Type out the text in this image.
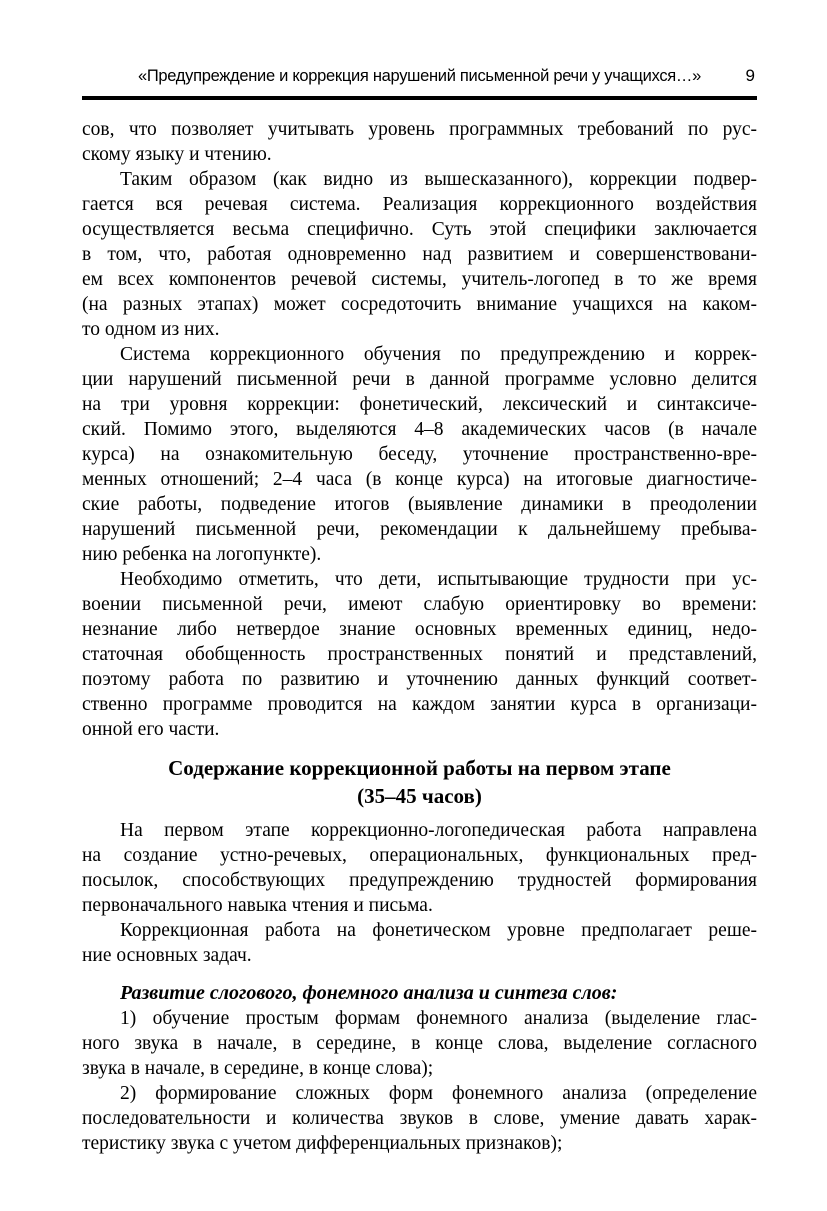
«Предупреждение и коррекция нарушений письменной речи у учащихся…»	9
сов, что позволяет учитывать уровень программных требований по рус-
скому языку и чтению.
Таким образом (как видно из вышесказанного), коррекции подвер-
гается вся речевая система. Реализация коррекционного воздействия
осуществляется весьма специфично. Суть этой специфики заключается
в том, что, работая одновременно над развитием и совершенствовани-
ем всех компонентов речевой системы, учитель-логопед в то же время
(на разных этапах) может сосредоточить внимание учащихся на каком-
то одном из них.
Система коррекционного обучения по предупреждению и коррек-
ции нарушений письменной речи в данной программе условно делится
на три уровня коррекции: фонетический, лексический и синтаксиче-
ский. Помимо этого, выделяются 4–8 академических часов (в начале
курса) на ознакомительную беседу, уточнение пространственно-вре-
менных отношений; 2–4 часа (в конце курса) на итоговые диагностиче-
ские работы, подведение итогов (выявление динамики в преодолении
нарушений письменной речи, рекомендации к дальнейшему пребыва-
нию ребенка на логопункте).
Необходимо отметить, что дети, испытывающие трудности при ус-
воении письменной речи, имеют слабую ориентировку во времени:
незнание либо нетвердое знание основных временных единиц, недо-
статочная обобщенность пространственных понятий и представлений,
поэтому работа по развитию и уточнению данных функций соответ-
ственно программе проводится на каждом занятии курса в организаци-
онной его части.
Содержание коррекционной работы на первом этапе
(35–45 часов)
На первом этапе коррекционно-логопедическая работа направлена
на создание устно-речевых, операциональных, функциональных пред-
посылок, способствующих предупреждению трудностей формирования
первоначального навыка чтения и письма.
Коррекционная работа на фонетическом уровне предполагает реше-
ние основных задач.
Развитие слогового, фонемного анализа и синтеза слов:
1) обучение простым формам фонемного анализа (выделение глас-
ного звука в начале, в середине, в конце слова, выделение согласного
звука в начале, в середине, в конце слова);
2) формирование сложных форм фонемного анализа (определение
последовательности и количества звуков в слове, умение давать харак-
теристику звука с учетом дифференциальных признаков);
